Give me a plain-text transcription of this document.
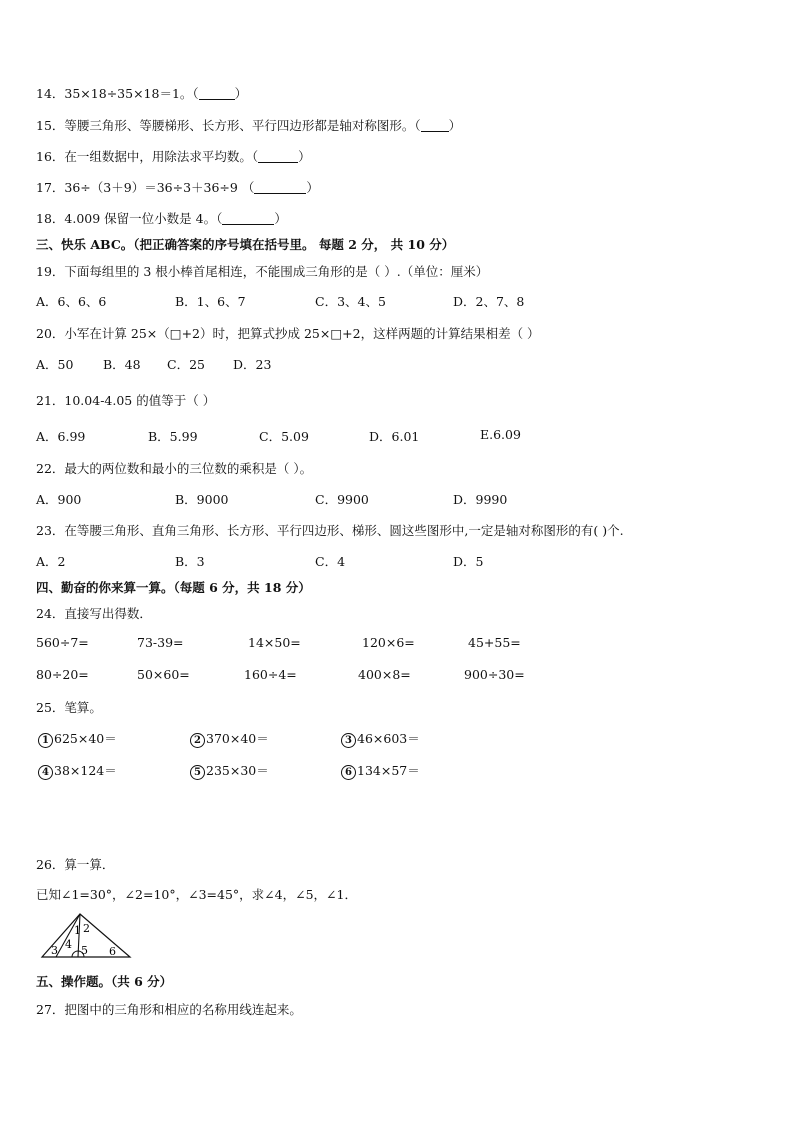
14．35×18÷35×18＝1。（	）
15．等腰三角形、等腰梯形、长方形、平行四边形都是轴对称图形。（ ）
16．在一组数据中，用除法求平均数。（	）
17．36÷（3＋9）＝36÷3＋36÷9 （	）
18．4.009 保留一位小数是 4。（	）
三、快乐 ABC。（把正确答案的序号填在括号里。 每题 2 分， 共 10 分）
19．下面每组里的 3 根小棒首尾相连，不能围成三角形的是（ ）.（单位：厘米）
A．6、6、6	B．1、6、7	C．3、4、5	D．2、7、8
20．小军在计算 25×（□+2）时，把算式抄成 25×□+2，这样两题的计算结果相差（ ）
A．50 B．48 C．25 D．23
21．10.04-4.05 的值等于（ ）
A．6.99	B．5.99	C．5.09	D．6.01	E.6.09
22．最大的两位数和最小的三位数的乘积是（ ）。
A．900	B．9000	C．9900	D．9990
23．在等腰三角形、直角三角形、长方形、平行四边形、梯形、圆这些图形中,一定是轴对称图形的有( )个.
A．2	B．3	C．4	D．5
四、勤奋的你来算一算。（每题 6 分，共 18 分）
24．直接写出得数．
560÷7=	73-39=	14×50=	120×6=	45+55=
80÷20=	50×60=	160÷4=	400×8=	900÷30=
25．笔算。
1 625×40＝	2 370×40＝	3 46×603＝
4 38×124＝	5 235×30＝	6 134×57＝
26．算一算．
已知∠1=30°，∠2=10°，∠3=45°，求∠4，∠5，∠1．
1 2
3 4 5 6
五、操作题。（共 6 分）
27．把图中的三角形和相应的名称用线连起来。
